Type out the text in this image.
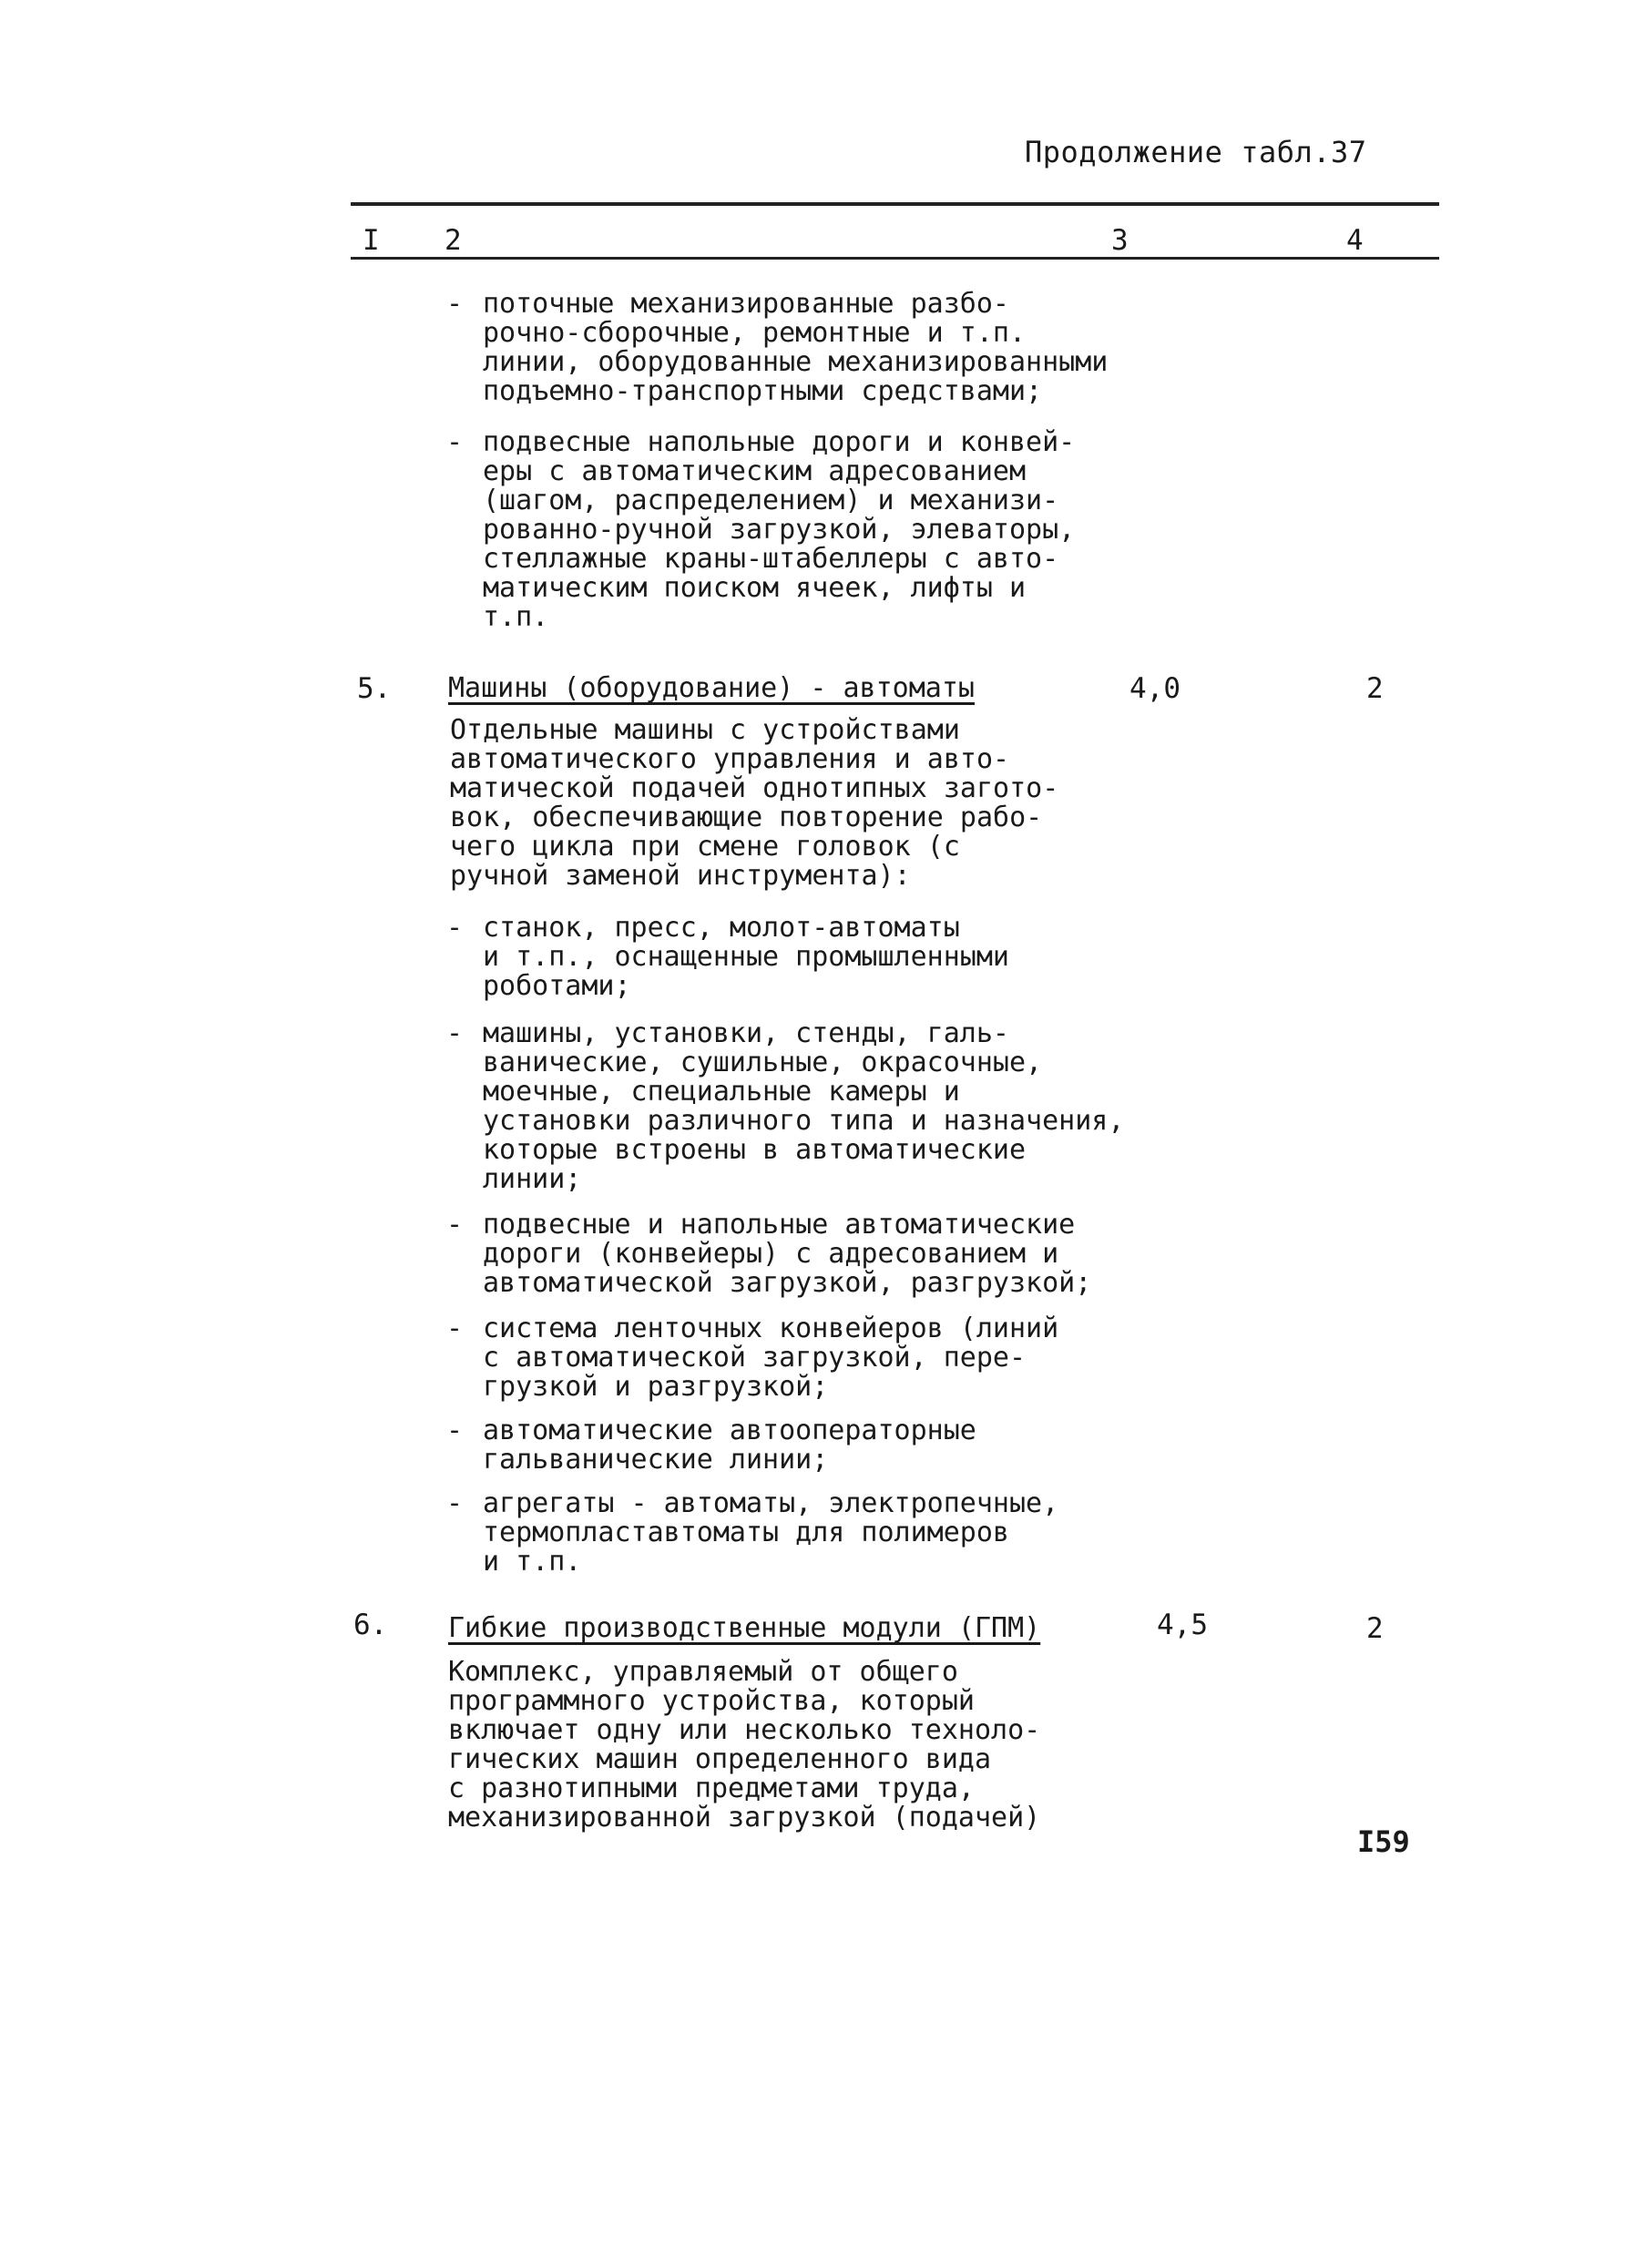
Продолжение табл.37
I 2	3	4
- поточные механизированные разбо-
рочно-сборочные, ремонтные и т.п.
линии, оборудованные механизированными
подъемно-транспортными средствами;
- подвесные напольные дороги и конвей-
еры с автоматическим адресованием
(шагом, распределением) и механизи-
рованно-ручной загрузкой, элеваторы,
стеллажные краны-штабеллеры с авто-
матическим поиском ячеек, лифты и
т.п.
5. Машины (оборудование) - автоматы	4,0	2
Отдельные машины с устройствами
автоматического управления и авто-
матической подачей однотипных загото-
вок, обеспечивающие повторение рабо-
чего цикла при смене головок (с
ручной заменой инструмента):
- станок, пресс, молот-автоматы
и т.п., оснащенные промышленными
роботами;
- машины, установки, стенды, галь-
ванические, сушильные, окрасочные,
моечные, специальные камеры и
установки различного типа и назначения,
которые встроены в автоматические
линии;
- подвесные и напольные автоматические
дороги (конвейеры) с адресованием и
автоматической загрузкой, разгрузкой;
- система ленточных конвейеров (линий
с автоматической загрузкой, пере-
грузкой и разгрузкой;
- автоматические автооператорные
гальванические линии;
- агрегаты - автоматы, электропечные,
термопластавтоматы для полимеров
и т.п.
6. Гибкие производственные модули (ГПМ)	4,5	2
Комплекс, управляемый от общего
программного устройства, который
включает одну или несколько техноло-
гических машин определенного вида
с разнотипными предметами труда,
механизированной загрузкой (подачей)
I59
